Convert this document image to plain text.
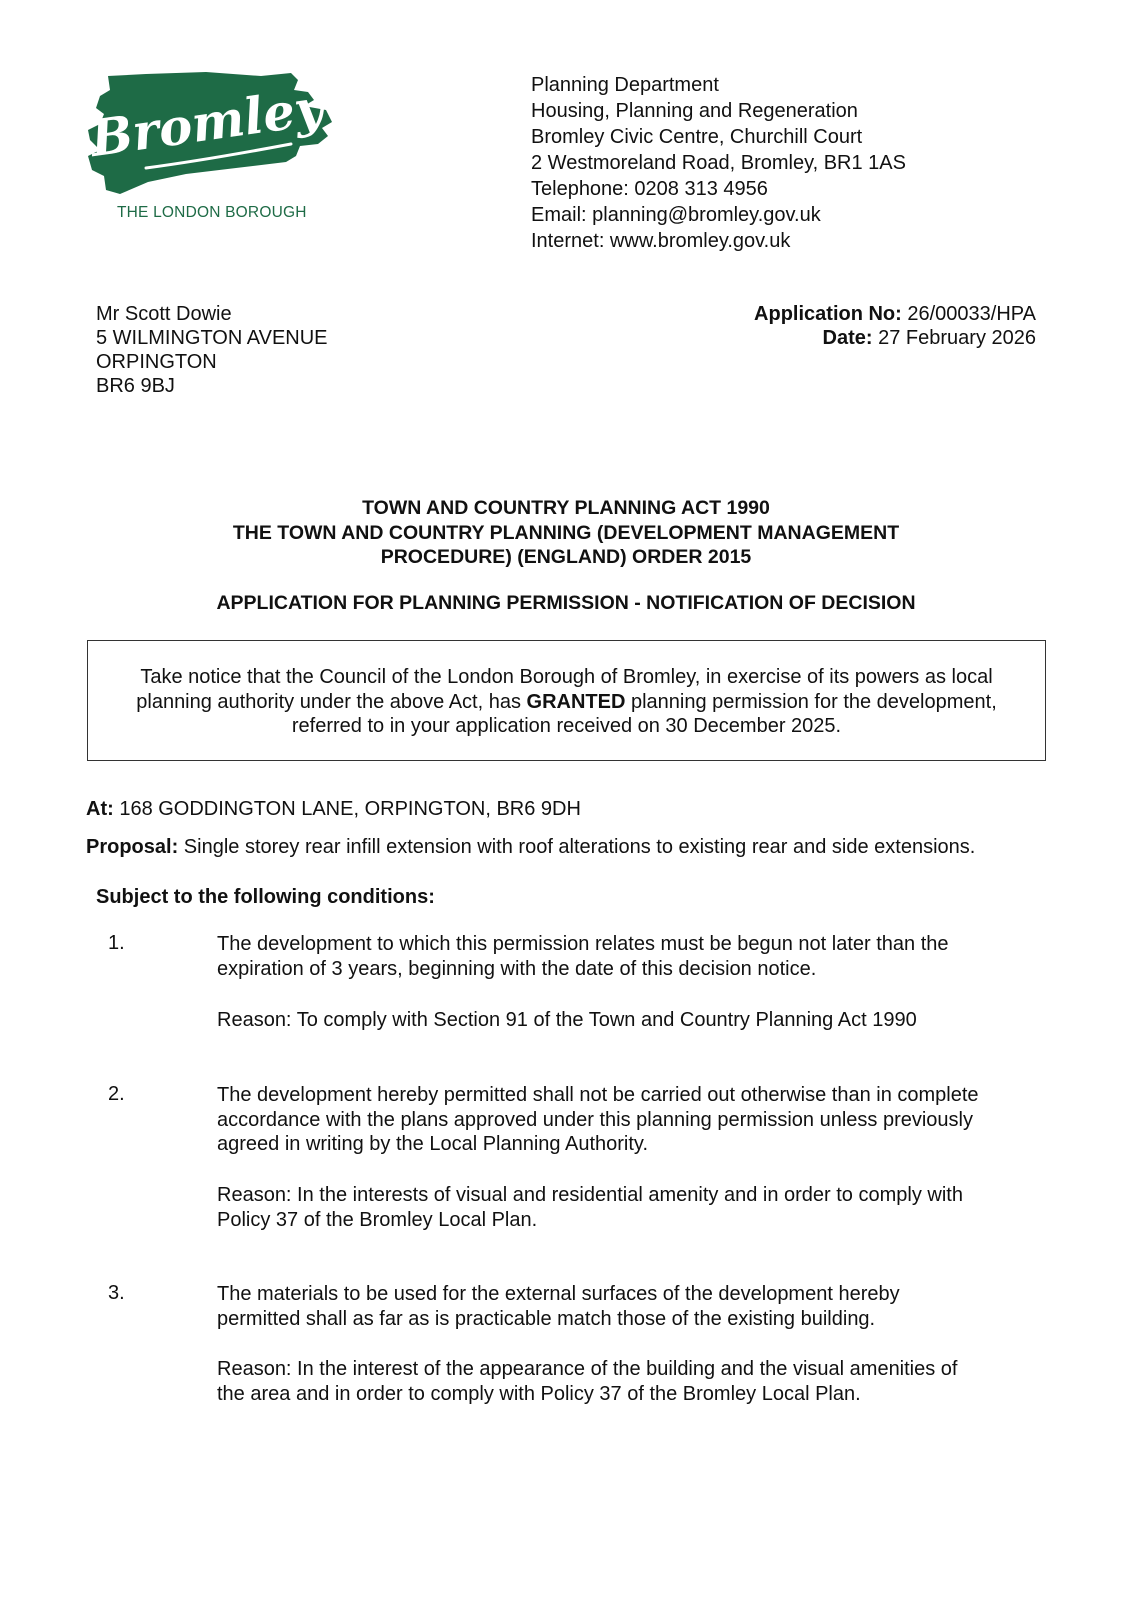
Bromley
THE LONDON BOROUGH
Planning Department
Housing, Planning and Regeneration
Bromley Civic Centre, Churchill Court
2 Westmoreland Road, Bromley, BR1 1AS
Telephone: 0208 313 4956
Email: planning@bromley.gov.uk
Internet: www.bromley.gov.uk
Mr Scott Dowie
5 WILMINGTON AVENUE
ORPINGTON
BR6 9BJ
Application No: 26/00033/HPA
Date: 27 February 2026
TOWN AND COUNTRY PLANNING ACT 1990
THE TOWN AND COUNTRY PLANNING (DEVELOPMENT MANAGEMENT
PROCEDURE) (ENGLAND) ORDER 2015
APPLICATION FOR PLANNING PERMISSION - NOTIFICATION OF DECISION
Take notice that the Council of the London Borough of Bromley, in exercise of its powers as local
planning authority under the above Act, has GRANTED planning permission for the development,
referred to in your application received on 30 December 2025.
At: 168 GODDINGTON LANE, ORPINGTON, BR6 9DH
Proposal: Single storey rear infill extension with roof alterations to existing rear and side extensions.
Subject to the following conditions:
1.	The development to which this permission relates must be begun not later than the
expiration of 3 years, beginning with the date of this decision notice.
Reason: To comply with Section 91 of the Town and Country Planning Act 1990
2.	The development hereby permitted shall not be carried out otherwise than in complete
accordance with the plans approved under this planning permission unless previously
agreed in writing by the Local Planning Authority.
Reason: In the interests of visual and residential amenity and in order to comply with
Policy 37 of the Bromley Local Plan.
3.	The materials to be used for the external surfaces of the development hereby
permitted shall as far as is practicable match those of the existing building.
Reason: In the interest of the appearance of the building and the visual amenities of
the area and in order to comply with Policy 37 of the Bromley Local Plan.
